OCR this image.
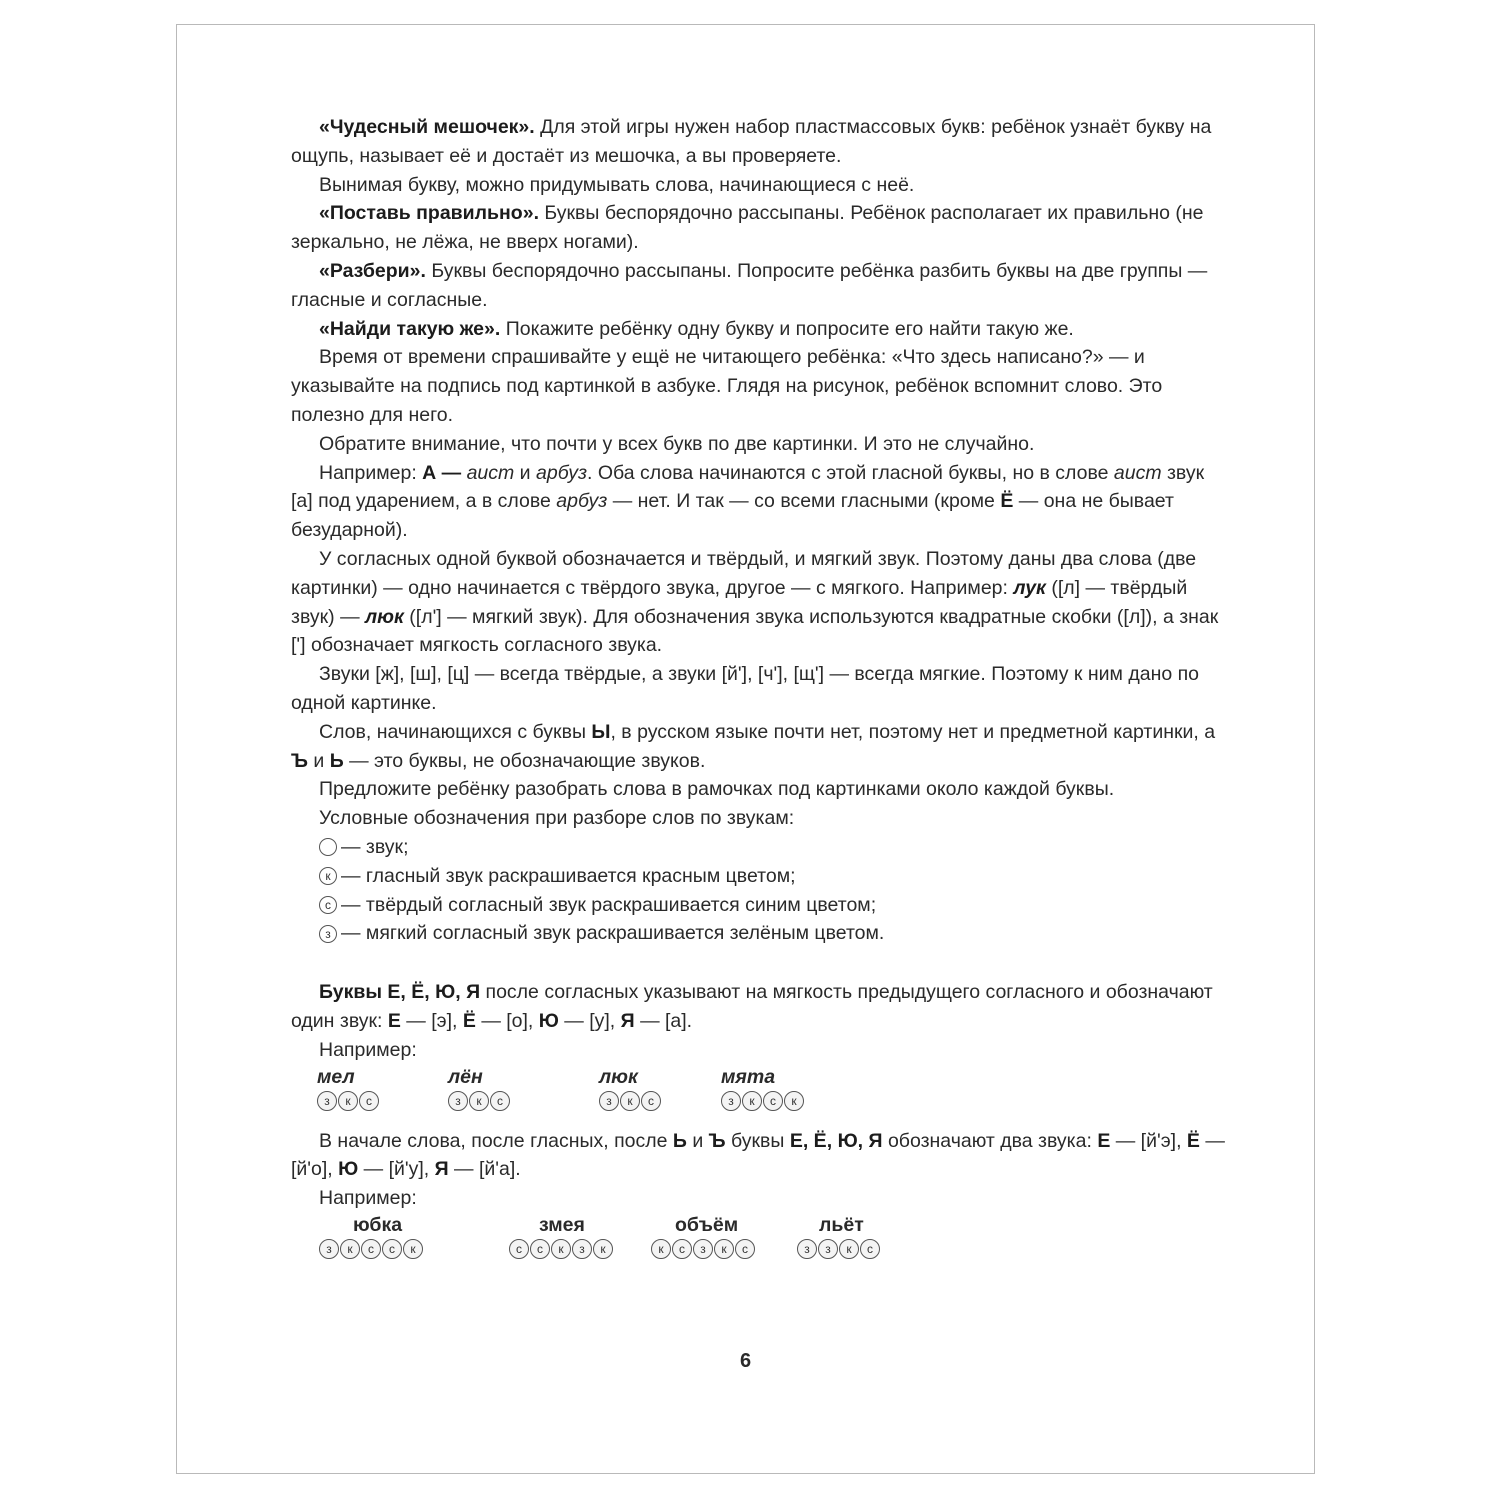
«Чудесный мешочек». Для этой игры нужен набор пластмассовых букв: ребёнок узнаёт букву на ощупь, называет её и достаёт из мешочка, а вы проверяете.

Вынимая букву, можно придумывать слова, начинающиеся с неё.

«Поставь правильно». Буквы беспорядочно рассыпаны. Ребёнок располагает их правильно (не зеркально, не лёжа, не вверх ногами).

«Разбери». Буквы беспорядочно рассыпаны. Попросите ребёнка разбить буквы на две группы — гласные и согласные.

«Найди такую же». Покажите ребёнку одну букву и попросите его найти такую же.

Время от времени спрашивайте у ещё не читающего ребёнка: «Что здесь написано?» — и указывайте на подпись под картинкой в азбуке. Глядя на рисунок, ребёнок вспомнит слово. Это полезно для него.

Обратите внимание, что почти у всех букв по две картинки. И это не случайно.

Например: А — аист и арбуз. Оба слова начинаются с этой гласной буквы, но в слове аист звук [а] под ударением, а в слове арбуз — нет. И так — со всеми гласными (кроме Ё — она не бывает безударной).

У согласных одной буквой обозначается и твёрдый, и мягкий звук. Поэтому даны два слова (две картинки) — одно начинается с твёрдого звука, другое — с мягкого. Например: лук ([л] — твёрдый звук) — люк ([л'] — мягкий звук). Для обозначения звука используются квадратные скобки ([л]), а знак ['] обозначает мягкость согласного звука.

Звуки [ж], [ш], [ц] — всегда твёрдые, а звуки [й'], [ч'], [щ'] — всегда мягкие. Поэтому к ним дано по одной картинке.

Слов, начинающихся с буквы Ы, в русском языке почти нет, поэтому нет и предметной картинки, а Ъ и Ь — это буквы, не обозначающие звуков.

Предложите ребёнку разобрать слова в рамочках под картинками около каждой буквы.

Условные обозначения при разборе слов по звукам:

— звук;
к — гласный звук раскрашивается красным цветом;
с — твёрдый согласный звук раскрашивается синим цветом;
з — мягкий согласный звук раскрашивается зелёным цветом.

Буквы Е, Ё, Ю, Я после согласных указывают на мягкость предыдущего согласного и обозначают один звук: Е — [э], Ё — [о], Ю — [у], Я — [а].

Например:

мел
з	к	с
лён
з	к	с
люк
з	к	с
мята
з	к	с	к

В начале слова, после гласных, после Ь и Ъ буквы Е, Ё, Ю, Я обозначают два звука: Е — [й'э], Ё — [й'о], Ю — [й'у], Я — [й'а].

Например:

юбка
з	к	с	с	к
змея
с	с	к	з	к
объём
к	с	з	к	с
льёт
з	з	к	с
6
